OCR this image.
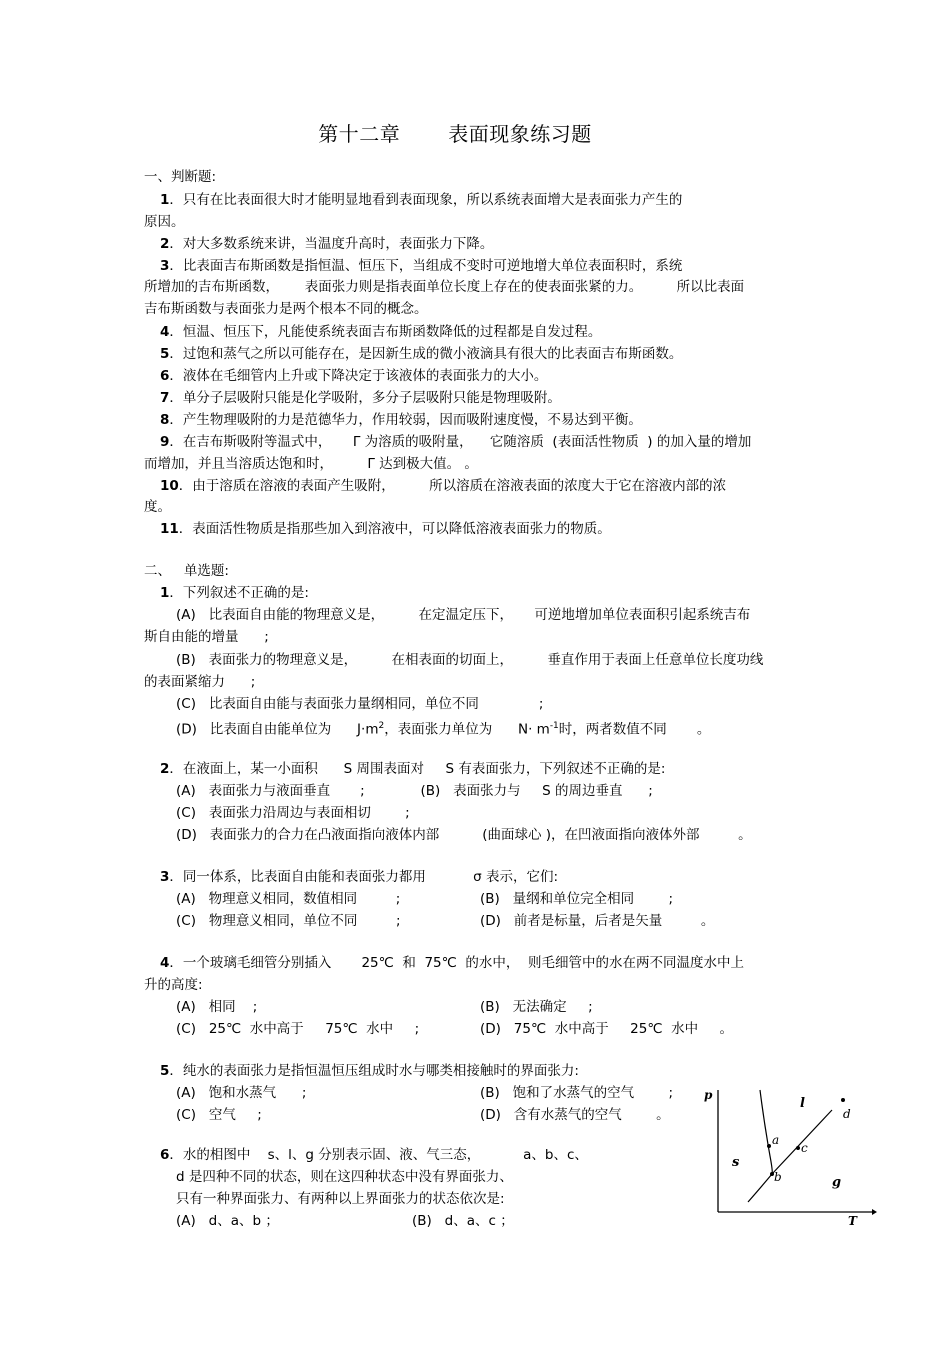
第十二章 表面现象练习题
一、判断题:
1．只有在比表面很大时才能明显地看到表面现象，所以系统表面增大是表面张力产生的
原因。
2．对大多数系统来讲，当温度升高时，表面张力下降。
3．比表面吉布斯函数是指恒温、恒压下，当组成不变时可逆地增大单位表面积时，系统
所增加的吉布斯函数，      表面张力则是指表面单位长度上存在的使表面张紧的力。        所以比表面
吉布斯函数与表面张力是两个根本不同的概念。
4．恒温、恒压下，凡能使系统表面吉布斯函数降低的过程都是自发过程。
5．过饱和蒸气之所以可能存在，是因新生成的微小液滴具有很大的比表面吉布斯函数。
6．液体在毛细管内上升或下降决定于该液体的表面张力的大小。
7．单分子层吸附只能是化学吸附，多分子层吸附只能是物理吸附。
8．产生物理吸附的力是范德华力，作用较弱，因而吸附速度慢，不易达到平衡。
9．在吉布斯吸附等温式中，     Γ 为溶质的吸附量，    它随溶质  (表面活性物质  ) 的加入量的增加
而增加，并且当溶质达饱和时，        Γ 达到极大值。 。
10．由于溶质在溶液的表面产生吸附，        所以溶质在溶液表面的浓度大于它在溶液内部的浓
度。
11．表面活性物质是指那些加入到溶液中，可以降低溶液表面张力的物质。
二、   单选题:
1．下列叙述不正确的是:
(A)   比表面自由能的物理意义是，        在定温定压下，     可逆地增加单位表面积引起系统吉布
斯自由能的增量      ;
(B)   表面张力的物理意义是，        在相表面的切面上，        垂直作用于表面上任意单位长度功线
的表面紧缩力      ;
(C)   比表面自由能与表面张力量纲相同，单位不同              ;
(D)   比表面自由能单位为      $J\cdot m^2$，表面张力单位为      $N\cdot m^{-1}$时，两者数值不同       。
2．在液面上，某一小面积      S 周围表面对     S 有表面张力，下列叙述不正确的是:
(A)   表面张力与液面垂直       ;             (B)   表面张力与     S 的周边垂直      ;
(C)   表面张力沿周边与表面相切        ;
(D)   表面张力的合力在凸液面指向液体内部          (曲面球心 )，在凹液面指向液体外部         。
3．同一体系，比表面自由能和表面张力都用           σ 表示，它们:
(A)   物理意义相同，数值相同         ;	(B)   量纲和单位完全相同        ;
(C)   物理意义相同，单位不同         ;	(D)   前者是标量，后者是矢量         。
4．一个玻璃毛细管分别插入       25℃  和  75℃  的水中，  则毛细管中的水在两不同温度水中上
升的高度:
(A)   相同    ;	(B)   无法确定     ;
(C)   25℃  水中高于     75℃  水中     ;	(D)   75℃  水中高于     25℃  水中     。
5．纯水的表面张力是指恒温恒压组成时水与哪类相接触时的界面张力:
(A)   饱和水蒸气      ;	(B)   饱和了水蒸气的空气        ;
(C)   空气     ;	(D)   含有水蒸气的空气        。
6．水的相图中    s、l、g 分别表示固、液、气三态，          a、b、c、
d 是四种不同的状态，则在这四种状态中没有界面张力、
只有一种界面张力、有两种以上界面张力的状态依次是:
(A)   d、a、b ；	(B)   d、a、c ；
p
T
s
l
g
a
b
c
d
